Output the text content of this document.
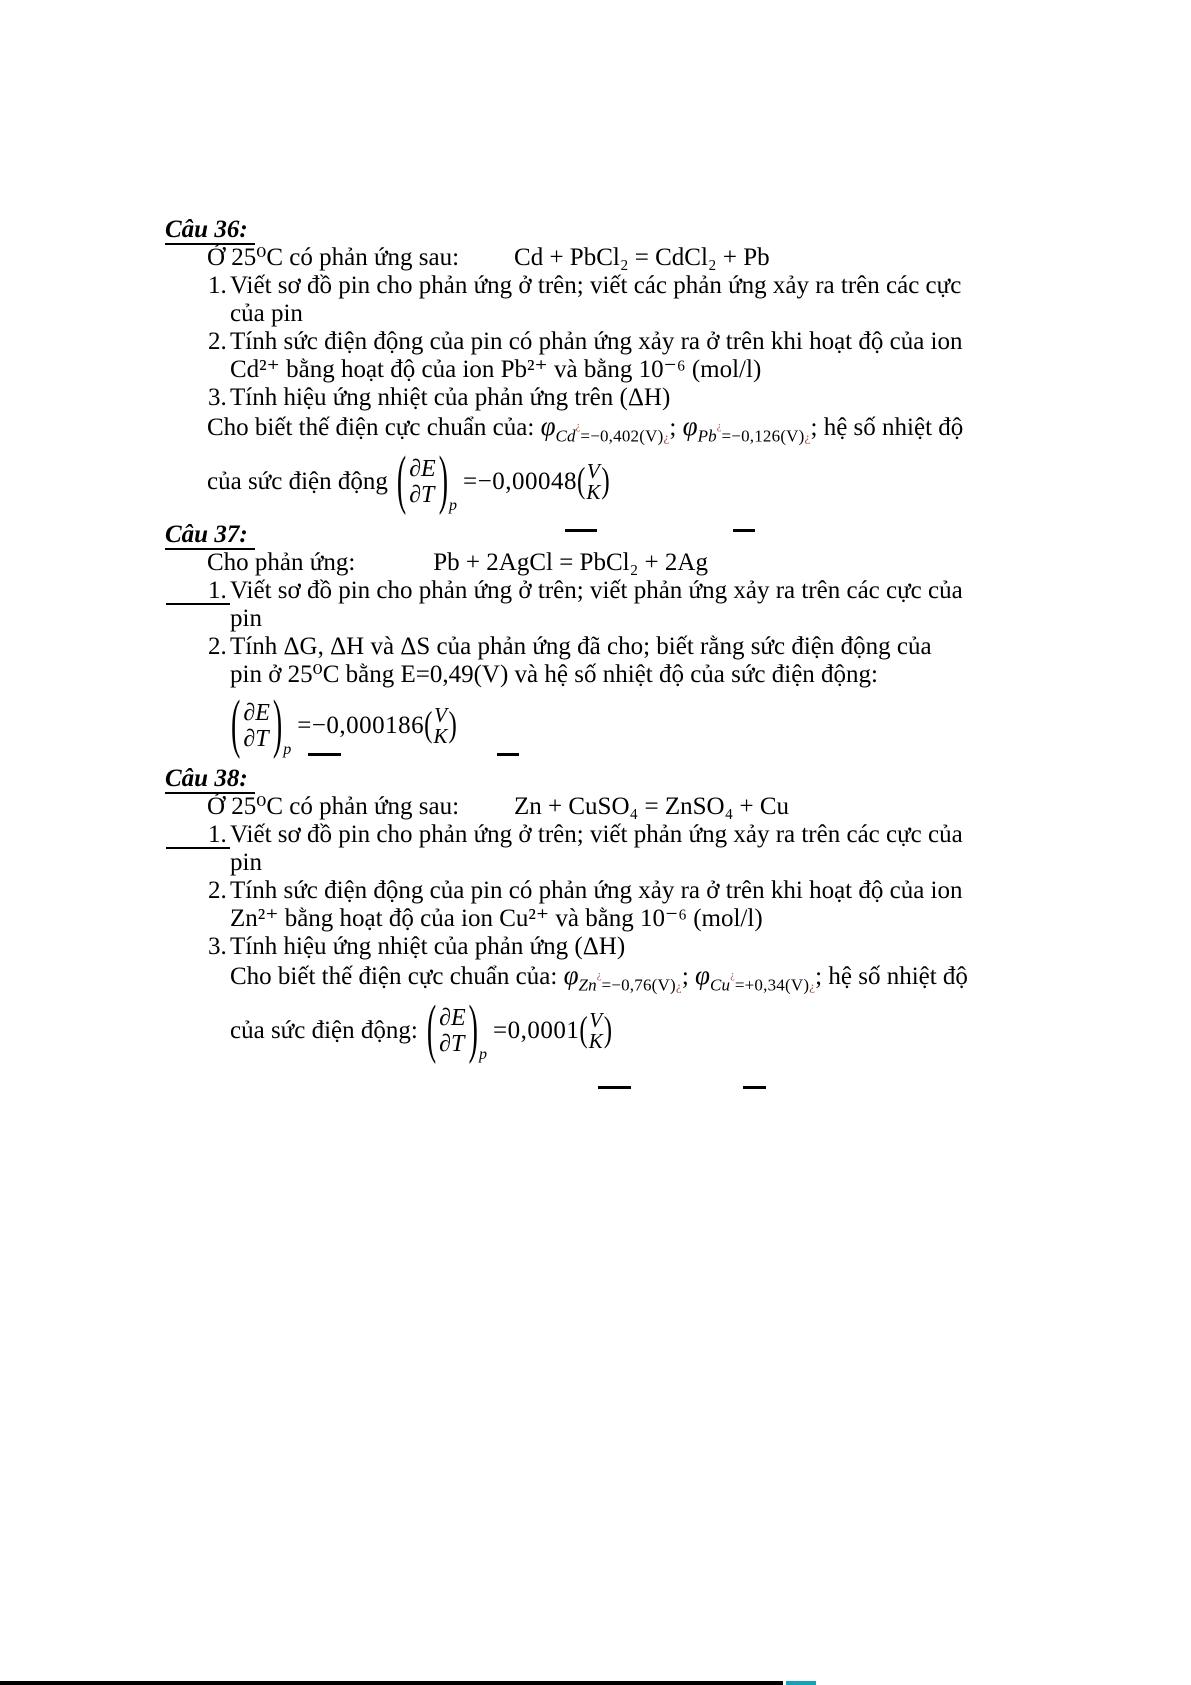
Câu 36:
Ở 25⁰C có phản ứng sau: Cd + PbCl₂ = CdCl₂ + Pb
1. Viết sơ đồ pin cho phản ứng ở trên; viết các phản ứng xảy ra trên các cực
của pin
2. Tính sức điện động của pin có phản ứng xảy ra ở trên khi hoạt độ của ion
Cd²⁺ bằng hoạt độ của ion Pb²⁺ và bằng 10⁻⁶ (mol/l)
3. Tính hiệu ứng nhiệt của phản ứng trên (ΔH)
Cho biết thế điện cực chuẩn của: φCd¿=−0,402(V)¿; φPb¿=−0,126(V)¿; hệ số nhiệt độ
của sức điện động ( ∂E
∂T ) p
=−0,00048 ( V
K )
Câu 37:
Cho phản ứng:	Pb + 2AgCl = PbCl₂ + 2Ag
1. Viết sơ đồ pin cho phản ứng ở trên; viết phản ứng xảy ra trên các cực của
pin
2. Tính ΔG, ΔH và ΔS của phản ứng đã cho; biết rằng sức điện động của
pin ở 25⁰C bằng E=0,49(V) và hệ số nhiệt độ của sức điện động:
( ∂E
∂T ) p
=−0,000186 ( V
K )
Câu 38:
Ở 25⁰C có phản ứng sau: Zn + CuSO₄ = ZnSO₄ + Cu
1. Viết sơ đồ pin cho phản ứng ở trên; viết phản ứng xảy ra trên các cực của
pin
2. Tính sức điện động của pin có phản ứng xảy ra ở trên khi hoạt độ của ion
Zn²⁺ bằng hoạt độ của ion Cu²⁺ và bằng 10⁻⁶ (mol/l)
3. Tính hiệu ứng nhiệt của phản ứng (ΔH)
Cho biết thế điện cực chuẩn của: φZn¿=−0,76(V)¿; φCu¿=+0,34(V)¿; hệ số nhiệt độ
của sức điện động: ( ∂E
∂T ) p
=0,0001 ( V
K )
